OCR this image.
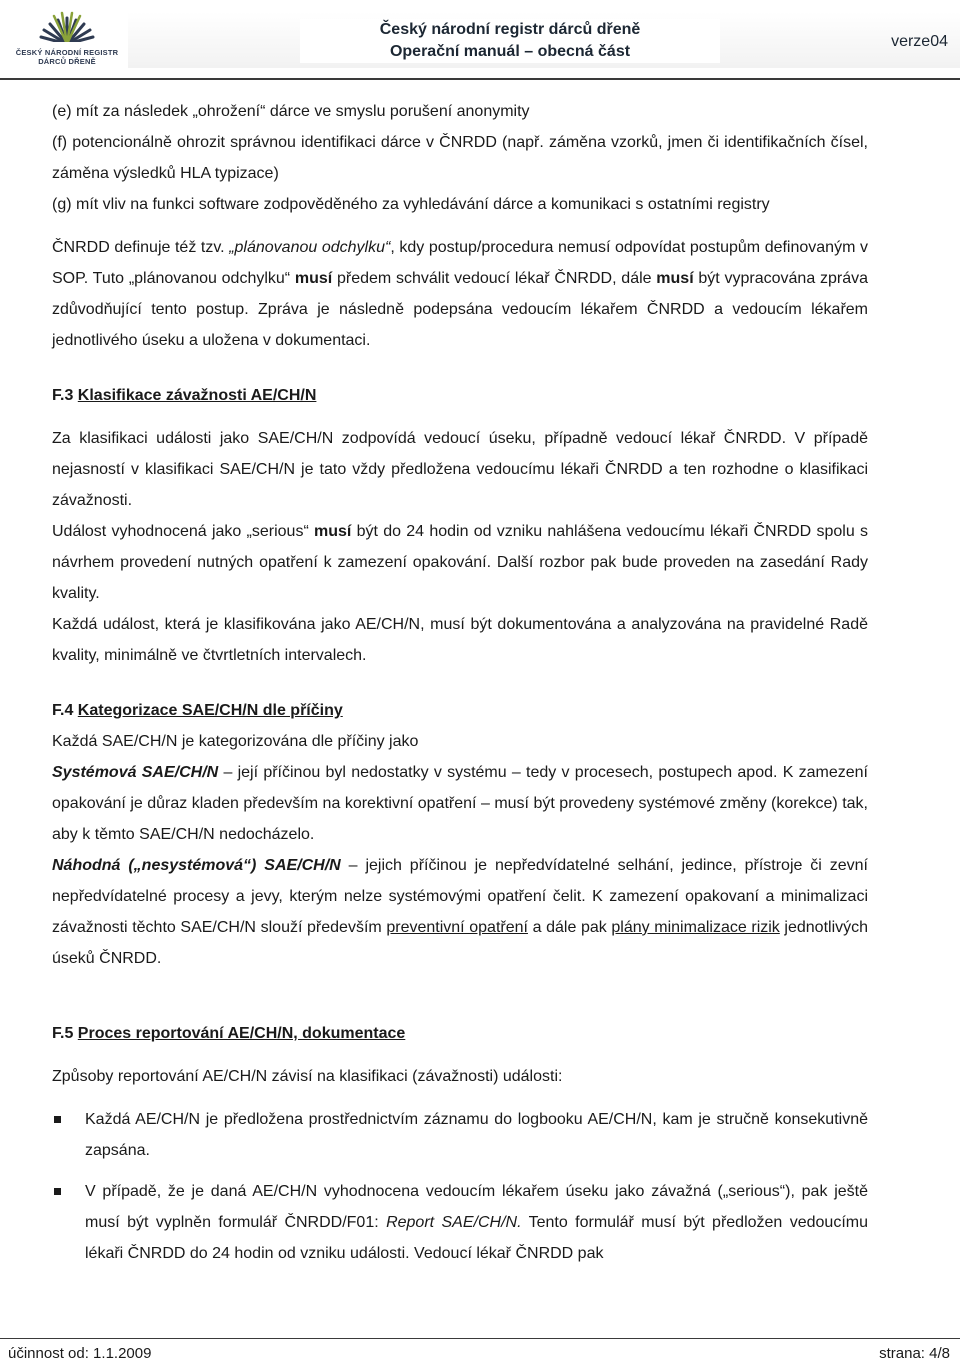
ČESKÝ NÁRODNÍ REGISTR
DÁRCŮ DŘENĚ
Český národní registr dárců dřeně
Operační manuál – obecná část
verze04

(e) mít za následek „ohrožení“ dárce ve smyslu porušení anonymity

(f) potencionálně ohrozit správnou identifikaci dárce v ČNRDD (např. záměna vzorků, jmen či identifikačních čísel, záměna výsledků HLA typizace)

(g) mít vliv na funkci software zodpověděného za vyhledávání dárce a komunikaci s ostatními registry

ČNRDD definuje též tzv. „plánovanou odchylku“, kdy postup/procedura nemusí odpovídat postupům definovaným v SOP. Tuto „plánovanou odchylku“ musí předem schválit vedoucí lékař ČNRDD, dále musí být vypracována zpráva zdůvodňující tento postup. Zpráva je následně podepsána vedoucím lékařem ČNRDD a vedoucím lékařem jednotlivého úseku a uložena v dokumentaci.

F.3 Klasifikace závažnosti AE/CH/N

Za klasifikaci události jako SAE/CH/N zodpovídá vedoucí úseku, případně vedoucí lékař ČNRDD. V případě nejasností v klasifikaci SAE/CH/N je tato vždy předložena vedoucímu lékaři ČNRDD a ten rozhodne o klasifikaci závažnosti.

Událost vyhodnocená jako „serious“ musí být do 24 hodin od vzniku nahlášena vedoucímu lékaři ČNRDD spolu s návrhem provedení nutných opatření k zamezení opakování. Další rozbor pak bude proveden na zasedání Rady kvality.

Každá událost, která je klasifikována jako AE/CH/N, musí být dokumentována a analyzována na pravidelné Radě kvality, minimálně ve čtvrtletních intervalech.

F.4 Kategorizace SAE/CH/N dle příčiny

Každá SAE/CH/N je kategorizována dle příčiny jako

Systémová SAE/CH/N – její příčinou byl nedostatky v systému – tedy v procesech, postupech apod. K zamezení opakování je důraz kladen především na korektivní opatření – musí být provedeny systémové změny (korekce) tak, aby k těmto SAE/CH/N nedocházelo.

Náhodná („nesystémová“) SAE/CH/N – jejich příčinou je nepředvídatelné selhání, jedince, přístroje či zevní nepředvídatelné procesy a jevy, kterým nelze systémovými opatření čelit. K zamezení opakovaní a minimalizaci závažnosti těchto SAE/CH/N slouží především preventivní opatření a dále pak plány minimalizace rizik jednotlivých úseků ČNRDD.

F.5 Proces reportování AE/CH/N, dokumentace

Způsoby reportování AE/CH/N závisí na klasifikaci (závažnosti) události:

Každá AE/CH/N je předložena prostřednictvím záznamu do logbooku AE/CH/N, kam je stručně konsekutivně zapsána.
V případě, že je daná AE/CH/N vyhodnocena vedoucím lékařem úseku jako závažná („serious“), pak ještě musí být vyplněn formulář ČNRDD/F01: Report SAE/CH/N. Tento formulář musí být předložen vedoucímu lékaři ČNRDD do 24 hodin od vzniku události. Vedoucí lékař ČNRDD pak
účinnost od: 1.1.2009	strana: 4/8
